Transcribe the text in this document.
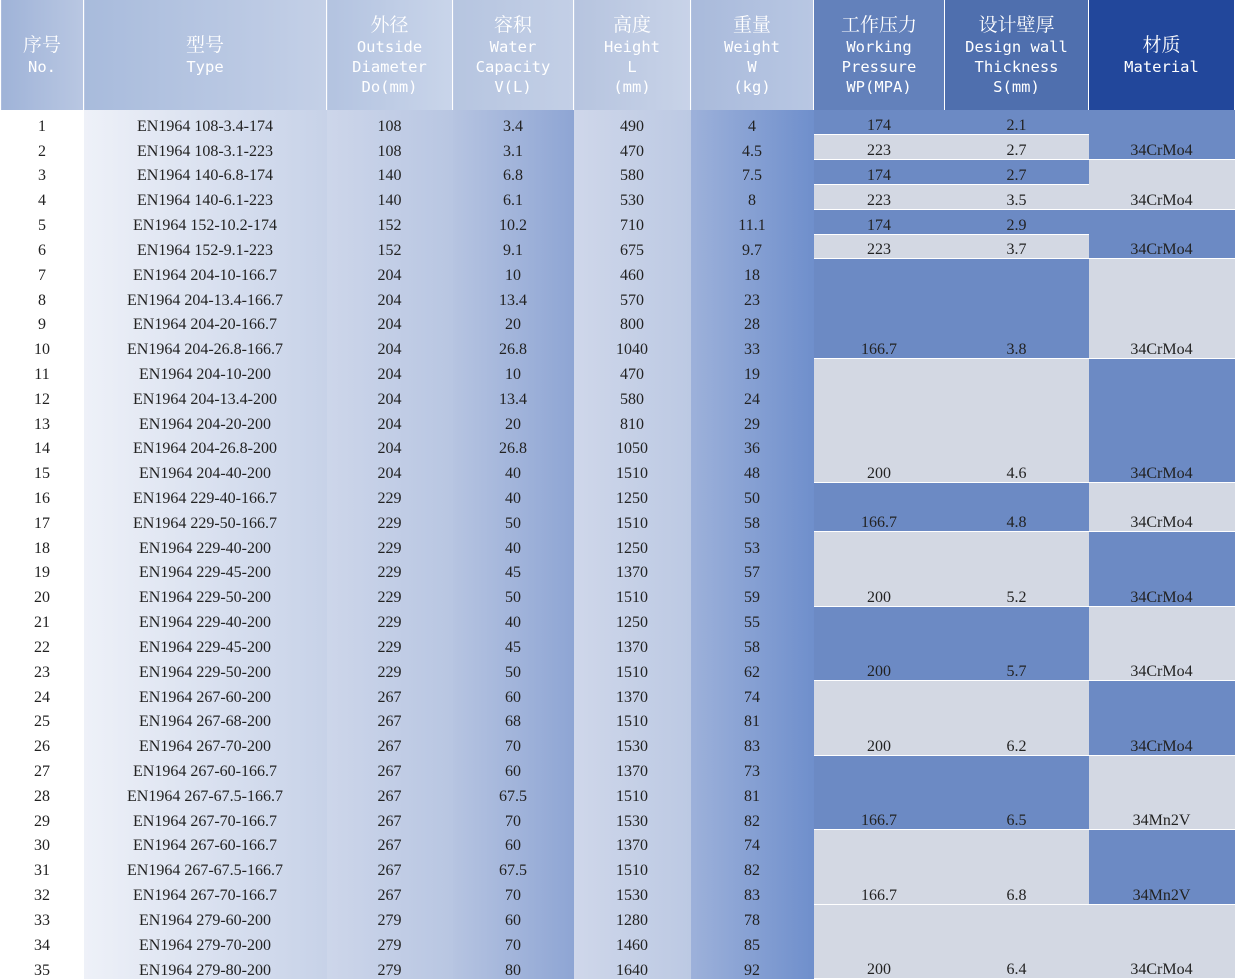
序号
No.	型号
Type	外径
Outside
Diameter
Do(mm)	容积
Water
Capacity
V(L)	高度
Height
L
(mm)	重量
Weight
W
(kg)	工作压力
Working
Pressure
WP(MPA)	设计壁厚
Design wall
Thickness
S(mm)	材质
Material

1	EN1964 108-3.4-174	108	3.4	490	4	174	2.1	34CrMo4
2	EN1964 108-3.1-223	108	3.1	470	4.5	223	2.7	
3	EN1964 140-6.8-174	140	6.8	580	7.5	174	2.7	34CrMo4
4	EN1964 140-6.1-223	140	6.1	530	8	223	3.5	
5	EN1964 152-10.2-174	152	10.2	710	11.1	174	2.9	34CrMo4
6	EN1964 152-9.1-223	152	9.1	675	9.7	223	3.7	
7	EN1964 204-10-166.7	204	10	460	18	166.7	3.8	34CrMo4
8	EN1964 204-13.4-166.7	204	13.4	570	23			
9	EN1964 204-20-166.7	204	20	800	28			
10	EN1964 204-26.8-166.7	204	26.8	1040	33			
11	EN1964 204-10-200	204	10	470	19	200	4.6	34CrMo4
12	EN1964 204-13.4-200	204	13.4	580	24			
13	EN1964 204-20-200	204	20	810	29			
14	EN1964 204-26.8-200	204	26.8	1050	36			
15	EN1964 204-40-200	204	40	1510	48			
16	EN1964 229-40-166.7	229	40	1250	50	166.7	4.8	34CrMo4
17	EN1964 229-50-166.7	229	50	1510	58			
18	EN1964 229-40-200	229	40	1250	53	200	5.2	34CrMo4
19	EN1964 229-45-200	229	45	1370	57			
20	EN1964 229-50-200	229	50	1510	59			
21	EN1964 229-40-200	229	40	1250	55	200	5.7	34CrMo4
22	EN1964 229-45-200	229	45	1370	58			
23	EN1964 229-50-200	229	50	1510	62			
24	EN1964 267-60-200	267	60	1370	74	200	6.2	34CrMo4
25	EN1964 267-68-200	267	68	1510	81			
26	EN1964 267-70-200	267	70	1530	83			
27	EN1964 267-60-166.7	267	60	1370	73	166.7	6.5	34Mn2V
28	EN1964 267-67.5-166.7	267	67.5	1510	81			
29	EN1964 267-70-166.7	267	70	1530	82			
30	EN1964 267-60-166.7	267	60	1370	74	166.7	6.8	34Mn2V
31	EN1964 267-67.5-166.7	267	67.5	1510	82			
32	EN1964 267-70-166.7	267	70	1530	83			
33	EN1964 279-60-200	279	60	1280	78	200	6.4	34CrMo4
34	EN1964 279-70-200	279	70	1460	85			
35	EN1964 279-80-200	279	80	1640	92			
